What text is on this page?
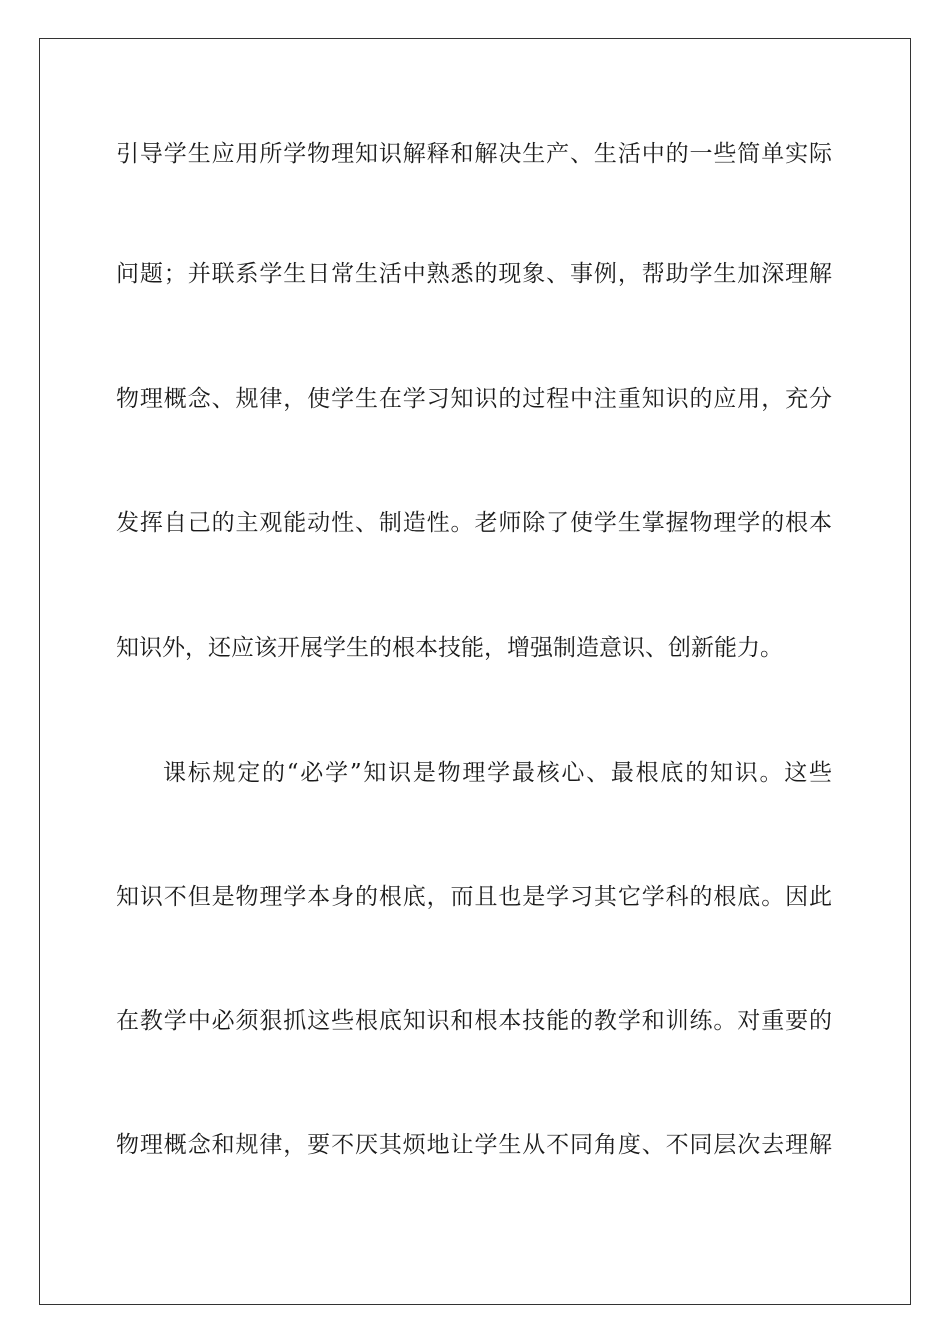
引导学生应用所学物理知识解释和解决生产、生活中的一些简单实际
问题；并联系学生日常生活中熟悉的现象、事例，帮助学生加深理解
物理概念、规律，使学生在学习知识的过程中注重知识的应用，充分
发挥自己的主观能动性、制造性。老师除了使学生掌握物理学的根本
知识外，还应该开展学生的根本技能，增强制造意识、创新能力。
课标规定的“必学”知识是物理学最核心、最根底的知识。这些
知识不但是物理学本身的根底，而且也是学习其它学科的根底。因此
在教学中必须狠抓这些根底知识和根本技能的教学和训练。对重要的
物理概念和规律，要不厌其烦地让学生从不同角度、不同层次去理解
